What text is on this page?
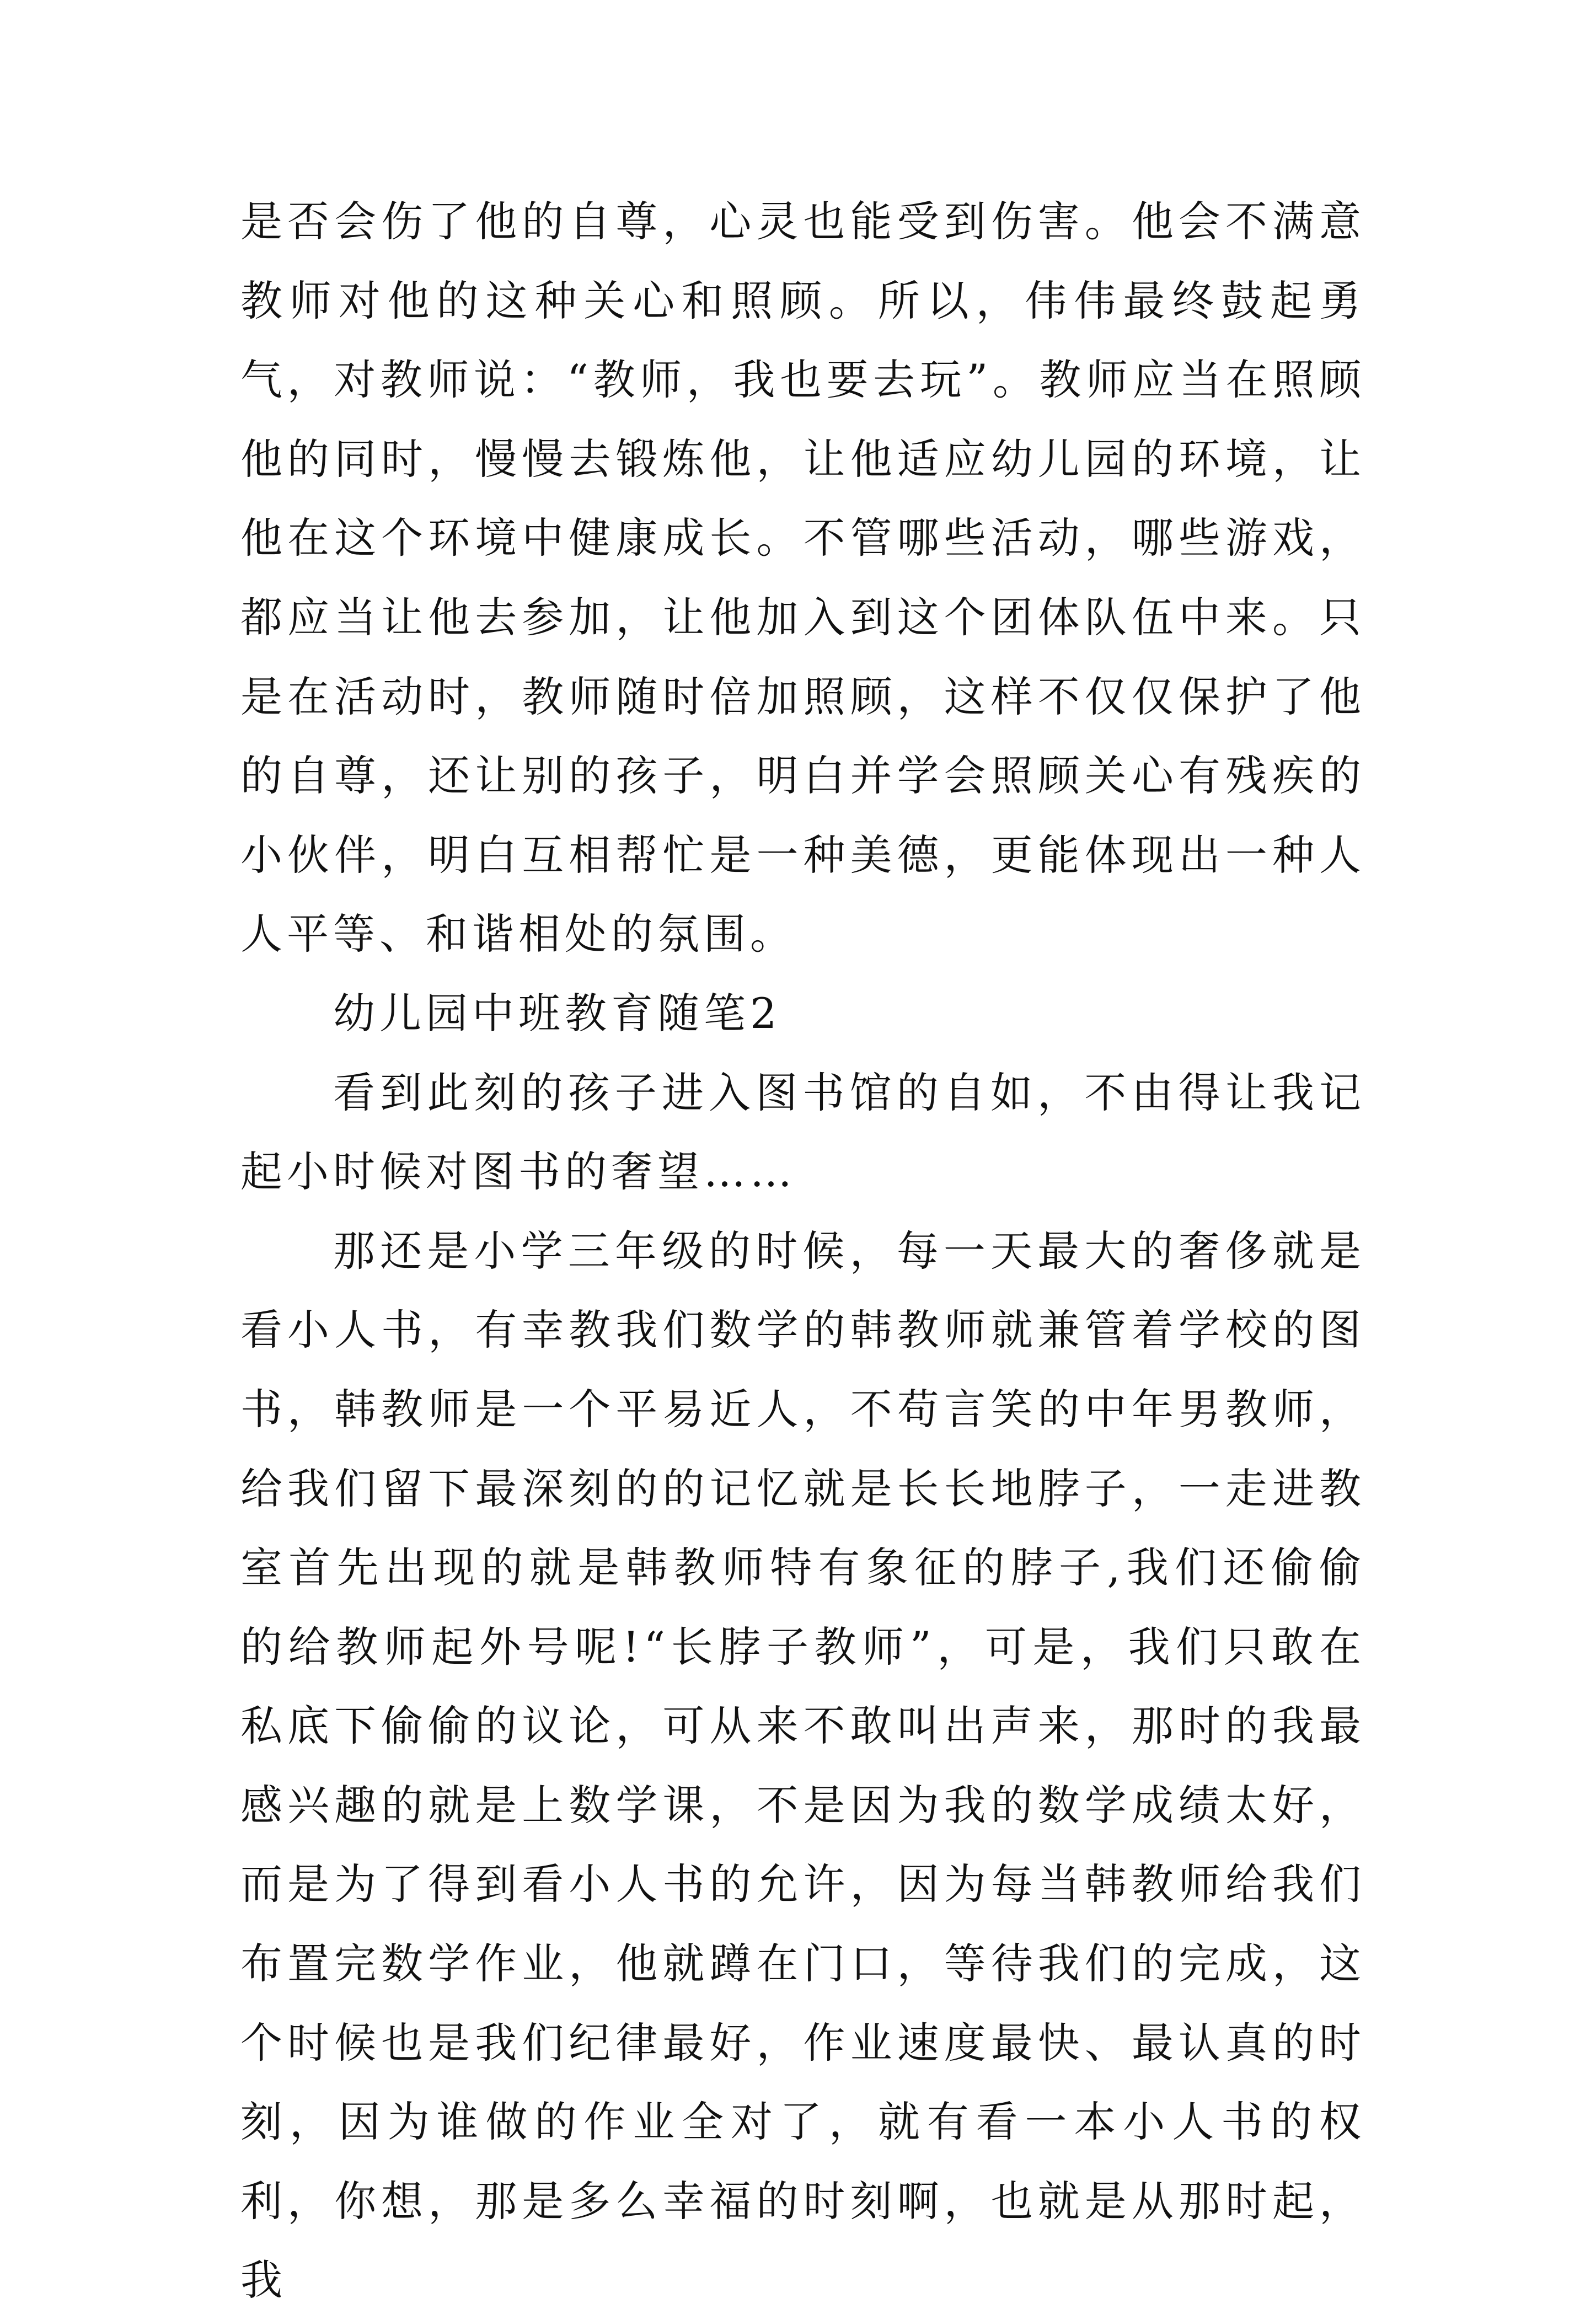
是否会伤了他的自尊，心灵也能受到伤害。他会不满意教师对他的这种关心和照顾。所以，伟伟最终鼓起勇气，对教师说：“教师，我也要去玩”。教师应当在照顾他的同时，慢慢去锻炼他，让他适应幼儿园的环境，让他在这个环境中健康成长。不管哪些活动，哪些游戏，都应当让他去参加，让他加入到这个团体队伍中来。只是在活动时，教师随时倍加照顾，这样不仅仅保护了他的自尊，还让别的孩子，明白并学会照顾关心有残疾的小伙伴，明白互相帮忙是一种美德，更能体现出一种人人平等、和谐相处的氛围。

幼儿园中班教育随笔2

看到此刻的孩子进入图书馆的自如，不由得让我记起小时候对图书的奢望……

那还是小学三年级的时候，每一天最大的奢侈就是看小人书，有幸教我们数学的韩教师就兼管着学校的图书，韩教师是一个平易近人，不苟言笑的中年男教师，给我们留下最深刻的的记忆就是长长地脖子，一走进教室首先出现的就是韩教师特有象征的脖子,我们还偷偷的给教师起外号呢!“长脖子教师”，可是，我们只敢在私底下偷偷的议论，可从来不敢叫出声来，那时的我最感兴趣的就是上数学课，不是因为我的数学成绩太好，而是为了得到看小人书的允许，因为每当韩教师给我们布置完数学作业，他就蹲在门口，等待我们的完成，这个时候也是我们纪律最好，作业速度最快、最认真的时刻，因为谁做的作业全对了，就有看一本小人书的权利，你想，那是多么幸福的时刻啊，也就是从那时起，我
